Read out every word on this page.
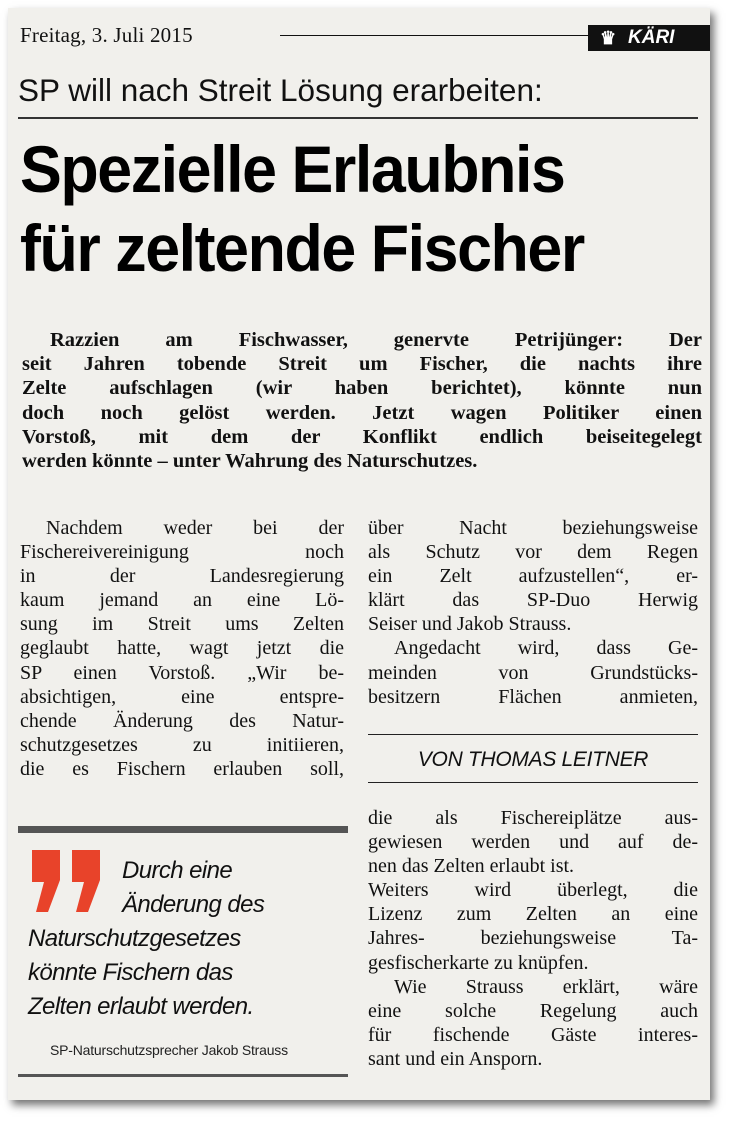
Freitag, 3. Juli 2015	♛ KÄRI
SP will nach Streit Lösung erarbeiten:
Spezielle Erlaubnis
für zeltende Fischer
Razzien am Fischwasser, genervte Petrijünger: Der
seit Jahren tobende Streit um Fischer, die nachts ihre
Zelte aufschlagen (wir haben berichtet), könnte nun
doch noch gelöst werden. Jetzt wagen Politiker einen
Vorstoß, mit dem der Konflikt endlich beiseitegelegt
werden könnte – unter Wahrung des Naturschutzes.
Nachdem weder bei der
Fischereivereinigung noch
in der Landesregierung
kaum jemand an eine Lö-
sung im Streit ums Zelten
geglaubt hatte, wagt jetzt die
SP einen Vorstoß. „Wir be-
absichtigen, eine entspre-
chende Änderung des Natur-
schutzgesetzes zu initiieren,
die es Fischern erlauben soll,
über Nacht beziehungsweise
als Schutz vor dem Regen
ein Zelt aufzustellen“, er-
klärt das SP-Duo Herwig
Seiser und Jakob Strauss.
Angedacht wird, dass Ge-
meinden von Grundstücks-
besitzern Flächen anmieten,
VON THOMAS LEITNER
die als Fischereiplätze aus-
gewiesen werden und auf de-
nen das Zelten erlaubt ist.
Weiters wird überlegt, die
Lizenz zum Zelten an eine
Jahres- beziehungsweise Ta-
gesfischerkarte zu knüpfen.
Wie Strauss erklärt, wäre
eine solche Regelung auch
für fischende Gäste interes-
sant und ein Ansporn.
Durch eine
Änderung des
Naturschutzgesetzes
könnte Fischern das
Zelten erlaubt werden.
SP-Naturschutzsprecher Jakob Strauss
